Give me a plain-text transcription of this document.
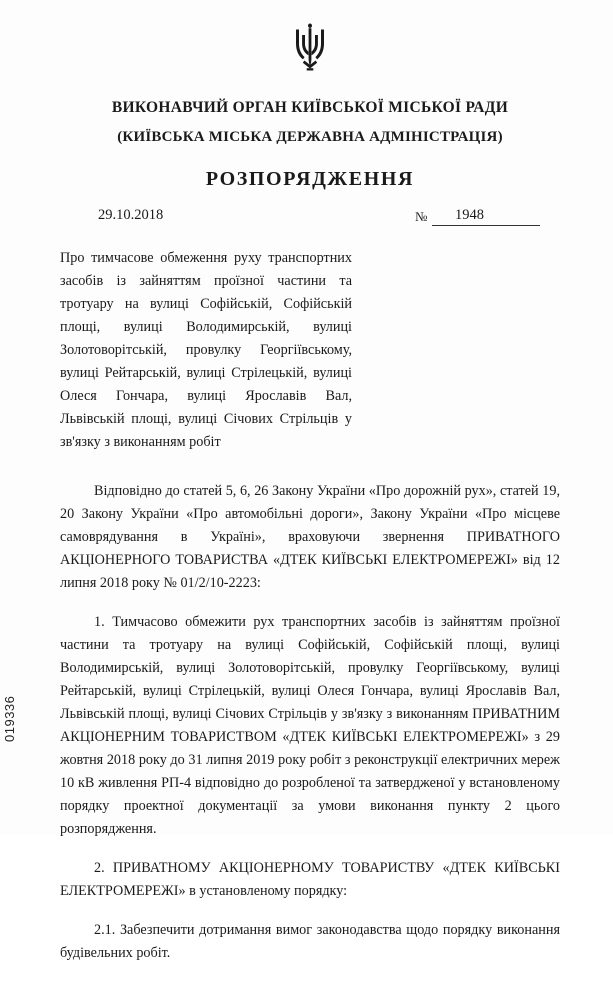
019336
ВИКОНАВЧИЙ ОРГАН КИЇВСЬКОЇ МІСЬКОЇ РАДИ
(КИЇВСЬКА МІСЬКА ДЕРЖАВНА АДМІНІСТРАЦІЯ)
РОЗПОРЯДЖЕННЯ
29.10.2018	№ 1948
Про тимчасове обмеження руху транспортних засобів із зайняттям проїзної частини та тротуару на вулиці Софійській, Софійській площі, вулиці Володимирській, вулиці Золотоворітській, провулку Георгіївському, вулиці Рейтарській, вулиці Стрілецькій, вулиці Олеся Гончара, вулиці Ярославів Вал, Львівській площі, вулиці Січових Стрільців у зв'язку з виконанням робіт

Відповідно до статей 5, 6, 26 Закону України «Про дорожній рух», статей 19, 20 Закону України «Про автомобільні дороги», Закону України «Про місцеве самоврядування в Україні», враховуючи звернення ПРИВАТНОГО АКЦІОНЕРНОГО ТОВАРИСТВА «ДТЕК КИЇВСЬКІ ЕЛЕКТРОМЕРЕЖІ» від 12 липня 2018 року № 01/2/10-2223:

1. Тимчасово обмежити рух транспортних засобів із зайняттям проїзної частини та тротуару на вулиці Софійській, Софійській площі, вулиці Володимирській, вулиці Золотоворітській, провулку Георгіївському, вулиці Рейтарській, вулиці Стрілецькій, вулиці Олеся Гончара, вулиці Ярославів Вал, Львівській площі, вулиці Січових Стрільців у зв'язку з виконанням ПРИВАТНИМ АКЦІОНЕРНИМ ТОВАРИСТВОМ «ДТЕК КИЇВСЬКІ ЕЛЕКТРОМЕРЕЖІ» з 29 жовтня 2018 року до 31 липня 2019 року робіт з реконструкції електричних мереж 10 кВ живлення РП-4 відповідно до розробленої та затвердженої у встановленому порядку проектної документації за умови виконання пункту 2 цього розпорядження.

2. ПРИВАТНОМУ АКЦІОНЕРНОМУ ТОВАРИСТВУ «ДТЕК КИЇВСЬКІ ЕЛЕКТРОМЕРЕЖІ» в установленому порядку:

2.1. Забезпечити дотримання вимог законодавства щодо порядку виконання будівельних робіт.
